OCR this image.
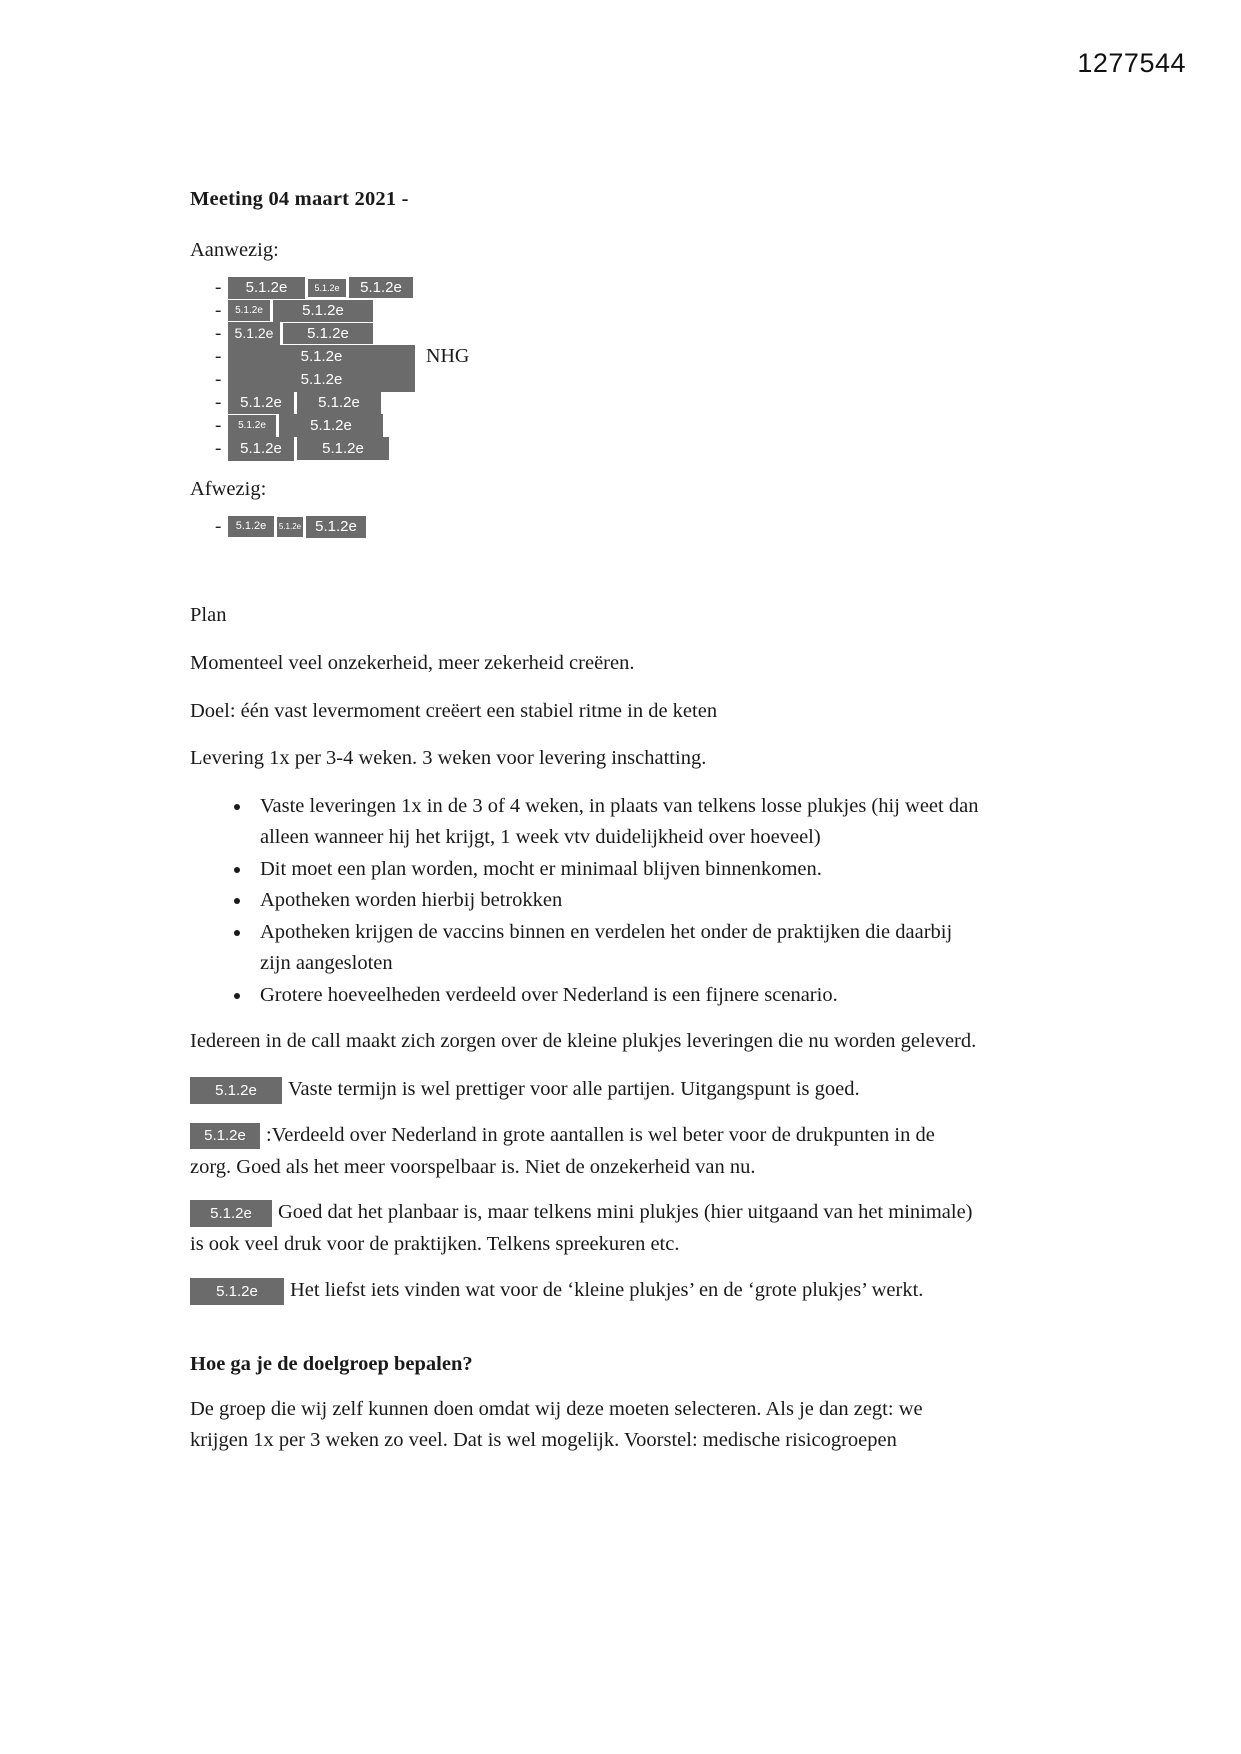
1277544
Meeting 04 maart 2021 -
Aanwezig:
-	5.1.2e	5.1.2e	5.1.2e
-	5.1.2e	5.1.2e
- 5.1.2e	5.1.2e
-	5.1.2e	NHG
-	5.1.2e
-	5.1.2e	5.1.2e
-	5.1.2e	5.1.2e
-	5.1.2e	5.1.2e
Afwezig:
-	5.1.2e	5.1.2e 5.1.2e

Plan

Momenteel veel onzekerheid, meer zekerheid creëren.

Doel: één vast levermoment creëert een stabiel ritme in de keten

Levering 1x per 3-4 weken. 3 weken voor levering inschatting.

• Vaste leveringen 1x in de 3 of 4 weken, in plaats van telkens losse plukjes (hij weet dan alleen wanneer hij het krijgt, 1 week vtv duidelijkheid over hoeveel)
• Dit moet een plan worden, mocht er minimaal blijven binnenkomen.
• Apotheken worden hierbij betrokken
• Apotheken krijgen de vaccins binnen en verdelen het onder de praktijken die daarbij zijn aangesloten
• Grotere hoeveelheden verdeeld over Nederland is een fijnere scenario.

Iedereen in de call maakt zich zorgen over de kleine plukjes leveringen die nu worden geleverd.

5.1.2e Vaste termijn is wel prettiger voor alle partijen. Uitgangspunt is goed.

5.1.2e :Verdeeld over Nederland in grote aantallen is wel beter voor de drukpunten in de zorg. Goed als het meer voorspelbaar is. Niet de onzekerheid van nu.

5.1.2e Goed dat het planbaar is, maar telkens mini plukjes (hier uitgaand van het minimale) is ook veel druk voor de praktijken. Telkens spreekuren etc.

5.1.2e Het liefst iets vinden wat voor de ‘kleine plukjes’ en de ‘grote plukjes’ werkt.

Hoe ga je de doelgroep bepalen?

De groep die wij zelf kunnen doen omdat wij deze moeten selecteren. Als je dan zegt: we krijgen 1x per 3 weken zo veel. Dat is wel mogelijk. Voorstel: medische risicogroepen
